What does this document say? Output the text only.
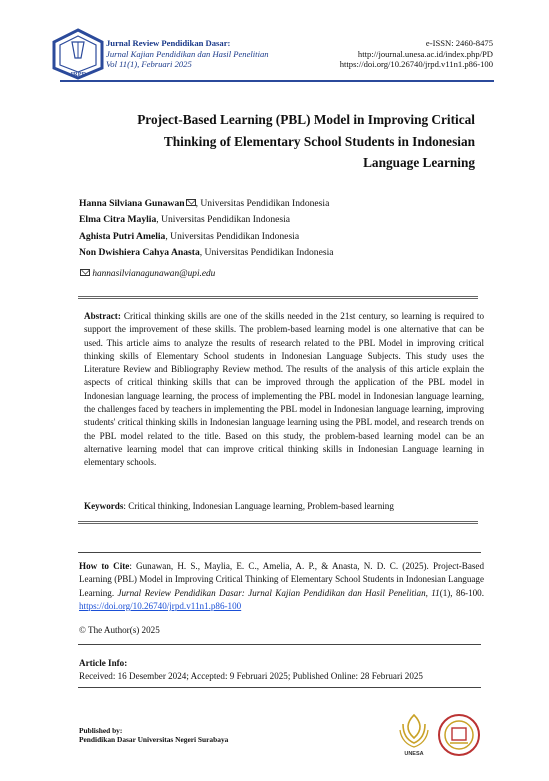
JRPD
Jurnal Review Pendidikan Dasar:
Jurnal Kajian Pendidikan dan Hasil Penelitian
Vol 11(1), Februari 2025
e-ISSN: 2460-8475
http://journal.unesa.ac.id/index.php/PD
https://doi.org/10.26740/jrpd.v11n1.p86-100
Project-Based Learning (PBL) Model in Improving Critical
Thinking of Elementary School Students in Indonesian
Language Learning
Hanna Silviana Gunawan , Universitas Pendidikan Indonesia
Elma Citra Maylia, Universitas Pendidikan Indonesia
Aghista Putri Amelia, Universitas Pendidikan Indonesia
Non Dwishiera Cahya Anasta, Universitas Pendidikan Indonesia
hannasilvianagunawan@upi.edu
Abstract: Critical thinking skills are one of the skills needed in the 21st century, so learning is required to support the improvement of these skills. The problem-based learning model is one alternative that can be used. This article aims to analyze the results of research related to the PBL Model in improving critical thinking skills of Elementary School students in Indonesian Language Subjects. This study uses the Literature Review and Bibliography Review method. The results of the analysis of this article explain the aspects of critical thinking skills that can be improved through the application of the PBL model in Indonesian language learning, the process of implementing the PBL model in Indonesian language learning, the challenges faced by teachers in implementing the PBL model in Indonesian language learning, improving students' critical thinking skills in Indonesian language learning using the PBL model, and research trends on the PBL model related to the title. Based on this study, the problem-based learning model can be an alternative learning model that can improve critical thinking skills in Indonesian Language learning in elementary schools.
Keywords: Critical thinking, Indonesian Language learning, Problem-based learning
How to Cite: Gunawan, H. S., Maylia, E. C., Amelia, A. P., & Anasta, N. D. C. (2025). Project-Based Learning (PBL) Model in Improving Critical Thinking of Elementary School Students in Indonesian Language Learning. Jurnal Review Pendidikan Dasar: Jurnal Kajian Pendidikan dan Hasil Penelitian, 11(1), 86-100. https://doi.org/10.26740/jrpd.v11n1.p86-100
© The Author(s) 2025
Article Info:
Received: 16 Desember 2024; Accepted: 9 Februari 2025; Published Online: 28 Februari 2025
Published by:
Pendidikan Dasar Universitas Negeri Surabaya
UNESA
